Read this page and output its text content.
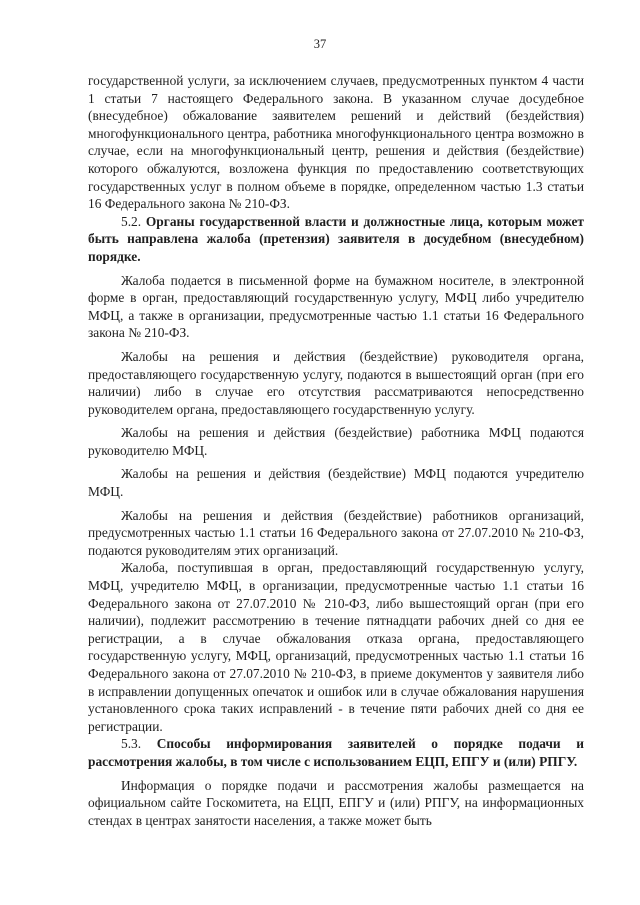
37

государственной услуги, за исключением случаев, предусмотренных пунктом 4 части 1 статьи 7 настоящего Федерального закона. В указанном случае досудебное (внесудебное) обжалование заявителем решений и действий (бездействия) многофункционального центра, работника многофункционального центра возможно в случае, если на многофункциональный центр, решения и действия (бездействие) которого обжалуются, возложена функция по предоставлению соответствующих государственных услуг в полном объеме в порядке, определенном частью 1.3 статьи 16 Федерального закона № 210-ФЗ.

5.2. Органы государственной власти и должностные лица, которым может быть направлена жалоба (претензия) заявителя в досудебном (внесудебном) порядке.

Жалоба подается в письменной форме на бумажном носителе, в электронной форме в орган, предоставляющий государственную услугу, МФЦ либо учредителю МФЦ, а также в организации, предусмотренные частью 1.1 статьи 16 Федерального закона № 210-ФЗ.

Жалобы на решения и действия (бездействие) руководителя органа, предоставляющего государственную услугу, подаются в вышестоящий орган (при его наличии) либо в случае его отсутствия рассматриваются непосредственно руководителем органа, предоставляющего государственную услугу.

Жалобы на решения и действия (бездействие) работника МФЦ подаются руководителю МФЦ.

Жалобы на решения и действия (бездействие) МФЦ подаются учредителю МФЦ.

Жалобы на решения и действия (бездействие) работников организаций, предусмотренных частью 1.1 статьи 16 Федерального закона от 27.07.2010 № 210-ФЗ, подаются руководителям этих организаций.

Жалоба, поступившая в орган, предоставляющий государственную услугу, МФЦ, учредителю МФЦ, в организации, предусмотренные частью 1.1 статьи 16 Федерального закона от 27.07.2010 № 210-ФЗ, либо вышестоящий орган (при его наличии), подлежит рассмотрению в течение пятнадцати рабочих дней со дня ее регистрации, а в случае обжалования отказа органа, предоставляющего государственную услугу, МФЦ, организаций, предусмотренных частью 1.1 статьи 16 Федерального закона от 27.07.2010 № 210-ФЗ, в приеме документов у заявителя либо в исправлении допущенных опечаток и ошибок или в случае обжалования нарушения установленного срока таких исправлений - в течение пяти рабочих дней со дня ее регистрации.

5.3. Способы информирования заявителей о порядке подачи и рассмотрения жалобы, в том числе с использованием ЕЦП, ЕПГУ и (или) РПГУ.

Информация о порядке подачи и рассмотрения жалобы размещается на официальном сайте Госкомитета, на ЕЦП, ЕПГУ и (или) РПГУ, на информационных стендах в центрах занятости населения, а также может быть
